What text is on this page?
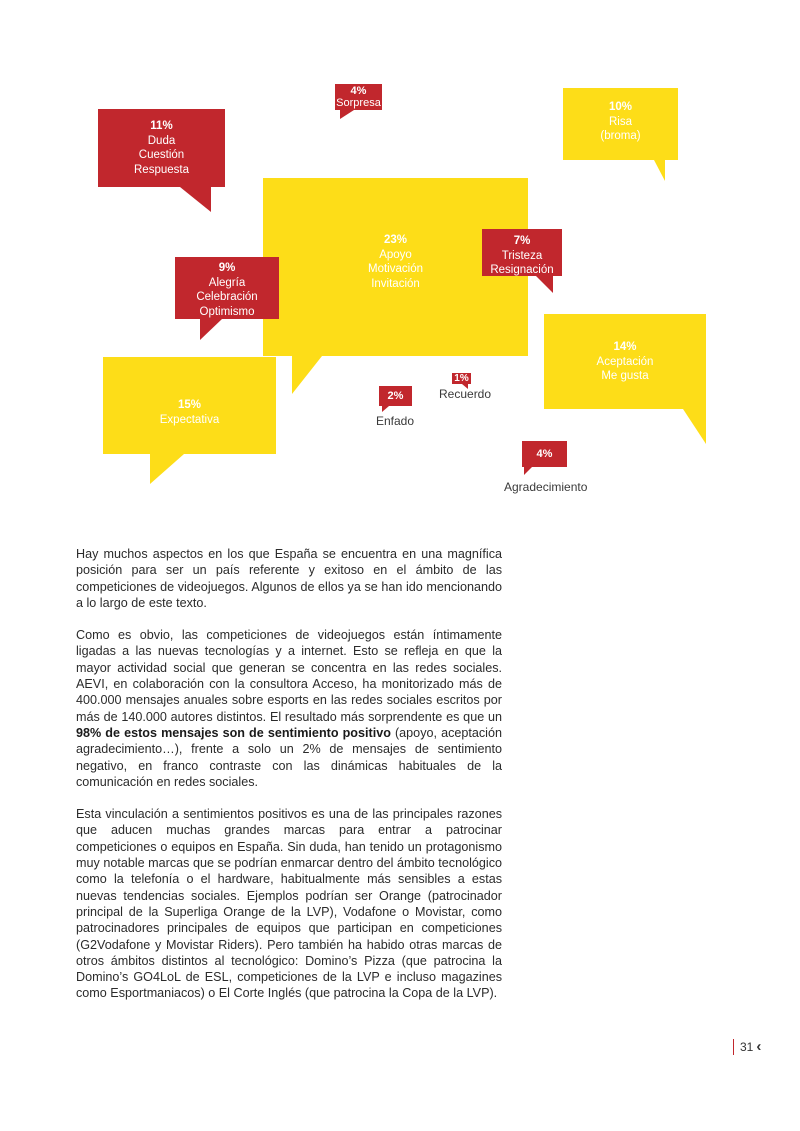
23%
Apoyo
Motivación
Invitación
10%
Risa
(broma)
14%
Aceptación
Me gusta
15%
Expectativa
4%
Sorpresa
11%
Duda
Cuestión
Respuesta
7%
Tristeza
Resignación
9%
Alegría
Celebración
Optimismo
1%
Recuerdo
2%
Enfado
4%
Agradecimiento

Hay muchos aspectos en los que España se encuentra en una magnífica posición para ser un país referente y exitoso en el ámbito de las competiciones de videojuegos. Algunos de ellos ya se han ido mencionando a lo largo de este texto.

Como es obvio, las competiciones de videojuegos están íntimamente ligadas a las nuevas tecnologías y a internet. Esto se refleja en que la mayor actividad social que generan se concentra en las redes sociales. AEVI, en colaboración con la consultora Acceso, ha monitorizado más de 400.000 mensajes anuales sobre esports en las redes sociales escritos por más de 140.000 autores distintos. El resultado más sorprendente es que un 98% de estos mensajes son de sentimiento positivo (apoyo, aceptación agradecimiento…), frente a solo un 2% de mensajes de sentimiento negativo, en franco contraste con las dinámicas habituales de la comunicación en redes sociales.

Esta vinculación a sentimientos positivos es una de las principales razones que aducen muchas grandes marcas para entrar a patrocinar competiciones o equipos en España. Sin duda, han tenido un protagonismo muy notable marcas que se podrían enmarcar dentro del ámbito tecnológico como la telefonía o el hardware, habitualmente más sensibles a estas nuevas tendencias sociales. Ejemplos podrían ser Orange (patrocinador principal de la Superliga Orange de la LVP), Vodafone o Movistar, como patrocinadores principales de equipos que participan en competiciones (G2Vodafone y Movistar Riders). Pero también ha habido otras marcas de otros ámbitos distintos al tecnológico: Domino’s Pizza (que patrocina la Domino’s GO4LoL de ESL, competiciones de la LVP e incluso magazines como Esportmaniacos) o El Corte Inglés (que patrocina la Copa de la LVP).

31 ‹
